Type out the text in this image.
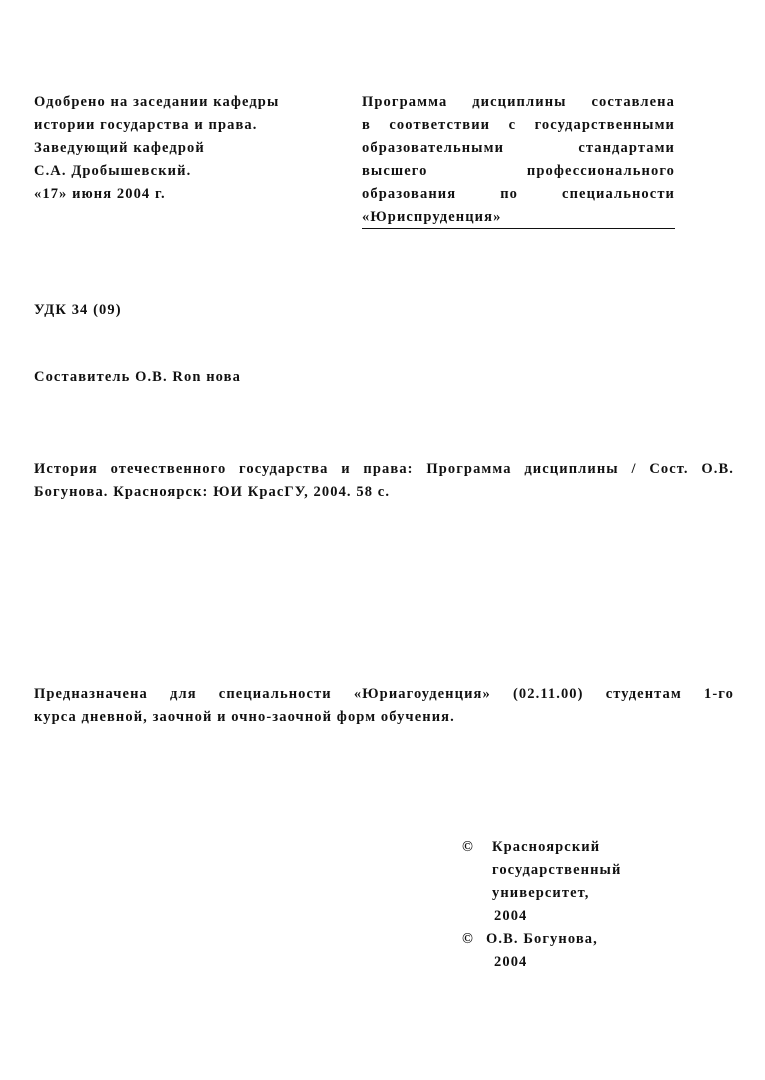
Одобрено на заседании кафедры
истории государства и права.
Заведующий кафедрой
С.А. Дробышевский.
«17» июня 2004 г.
Программа дисциплины составлена
в соответствии с государственными
образовательными стандартами
высшего профессионального
образования по специальности
«Юриспруденция»
УДК 34 (09)
Составитель О.В. Ron нова
История отечественного государства и права: Программа дисциплины / Сост. О.В.
Богунова. Красноярск: ЮИ КрасГУ, 2004. 58 с.
Предназначена для специальности «Юриагоуденция» (02.11.00) студентам 1-го
курса дневной, заочной и очно-заочной форм обучения.
©	Красноярский
государственный
университет,
2004
© О.В. Богунова,
2004
